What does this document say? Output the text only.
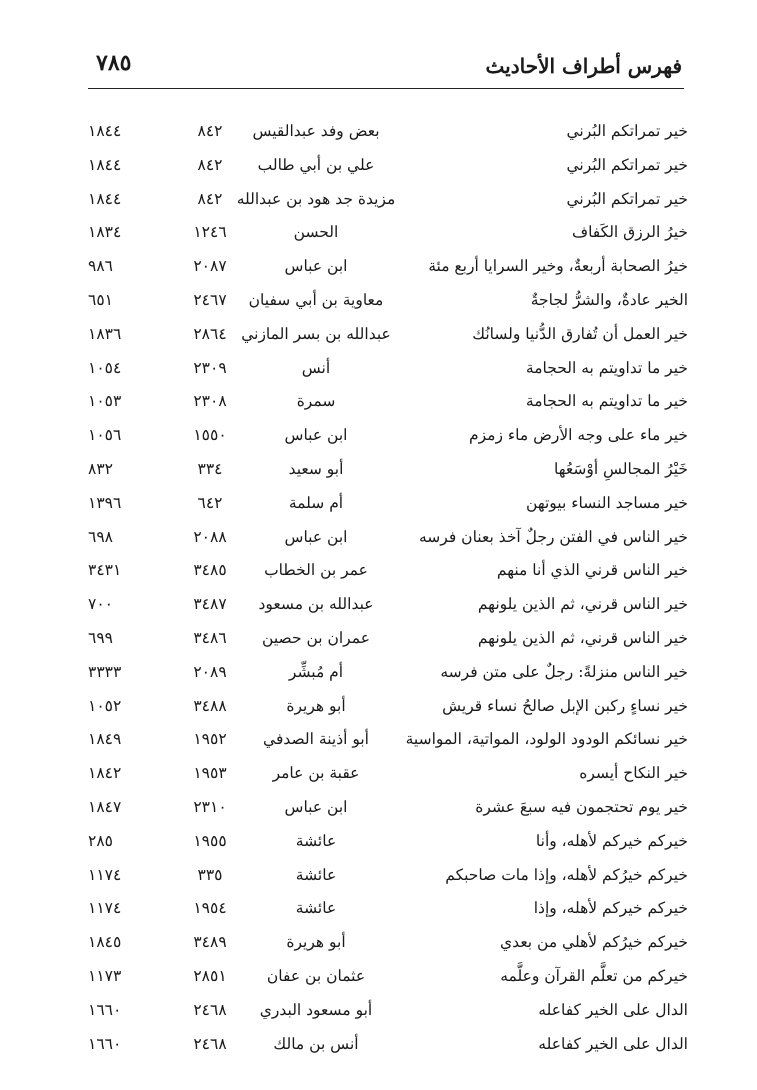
٧٨٥	فهرس أطراف الأحاديث
خير تمراتكم البُرني
بعض وفد عبدالقيس
٨٤٢
١٨٤٤
خير تمراتكم البُرني
علي بن أبي طالب
٨٤٢
١٨٤٤
خير تمراتكم البُرني
مزيدة جد هود بن عبدالله
٨٤٢
١٨٤٤
خيرُ الرزق الكَفاف
الحسن
١٢٤٦
١٨٣٤
خيرُ الصحابة أربعةٌ، وخير السرايا أربع مئة
ابن عباس
٢٠٨٧
٩٨٦
الخير عادةٌ، والشرُّ لجاجةٌ
معاوية بن أبي سفيان
٢٤٦٧
٦٥١
خير العمل أن تُفارق الدُّنيا ولسانُك
عبدالله بن بسر المازني
٢٨٦٤
١٨٣٦
خير ما تداويتم به الحجامة
أنس
٢٣٠٩
١٠٥٤
خير ما تداويتم به الحجامة
سمرة
٢٣٠٨
١٠٥٣
خير ماء على وجه الأرض ماء زمزم
ابن عباس
١٥٥٠
١٠٥٦
خَيْرُ المجالسِ أوْسَعُها
أبو سعيد
٣٣٤
٨٣٢
خير مساجد النساء بيوتهن
أم سلمة
٦٤٢
١٣٩٦
خير الناس في الفتن رجلٌ آخذ بعنان فرسه
ابن عباس
٢٠٨٨
٦٩٨
خير الناس قرني الذي أنا منهم
عمر بن الخطاب
٣٤٨٥
٣٤٣١
خير الناس قرني، ثم الذين يلونهم
عبدالله بن مسعود
٣٤٨٧
٧٠٠
خير الناس قرني، ثم الذين يلونهم
عمران بن حصين
٣٤٨٦
٦٩٩
خير الناس منزلةً: رجلٌ على متن فرسه
أم مُبشِّر
٢٠٨٩
٣٣٣٣
خير نساءٍ ركبن الإبل صالحُ نساء قريش
أبو هريرة
٣٤٨٨
١٠٥٢
خير نسائكم الودود الولود، المواتية، المواسية
أبو أذينة الصدفي
١٩٥٢
١٨٤٩
خير النكاح أيسره
عقبة بن عامر
١٩٥٣
١٨٤٢
خير يوم تحتجمون فيه سبعَ عشرة
ابن عباس
٢٣١٠
١٨٤٧
خيركم خيركم لأهله، وأنا
عائشة
١٩٥٥
٢٨٥
خيركم خيرُكم لأهله، وإذا مات صاحبكم
عائشة
٣٣٥
١١٧٤
خيركم خيركم لأهله، وإذا
عائشة
١٩٥٤
١١٧٤
خيركم خيرُكم لأهلي من بعدي
أبو هريرة
٣٤٨٩
١٨٤٥
خيركم من تعلَّم القرآن وعلَّمه
عثمان بن عفان
٢٨٥١
١١٧٣
الدال على الخير كفاعله
أبو مسعود البدري
٢٤٦٨
١٦٦٠
الدال على الخير كفاعله
أنس بن مالك
٢٤٦٨
١٦٦٠
